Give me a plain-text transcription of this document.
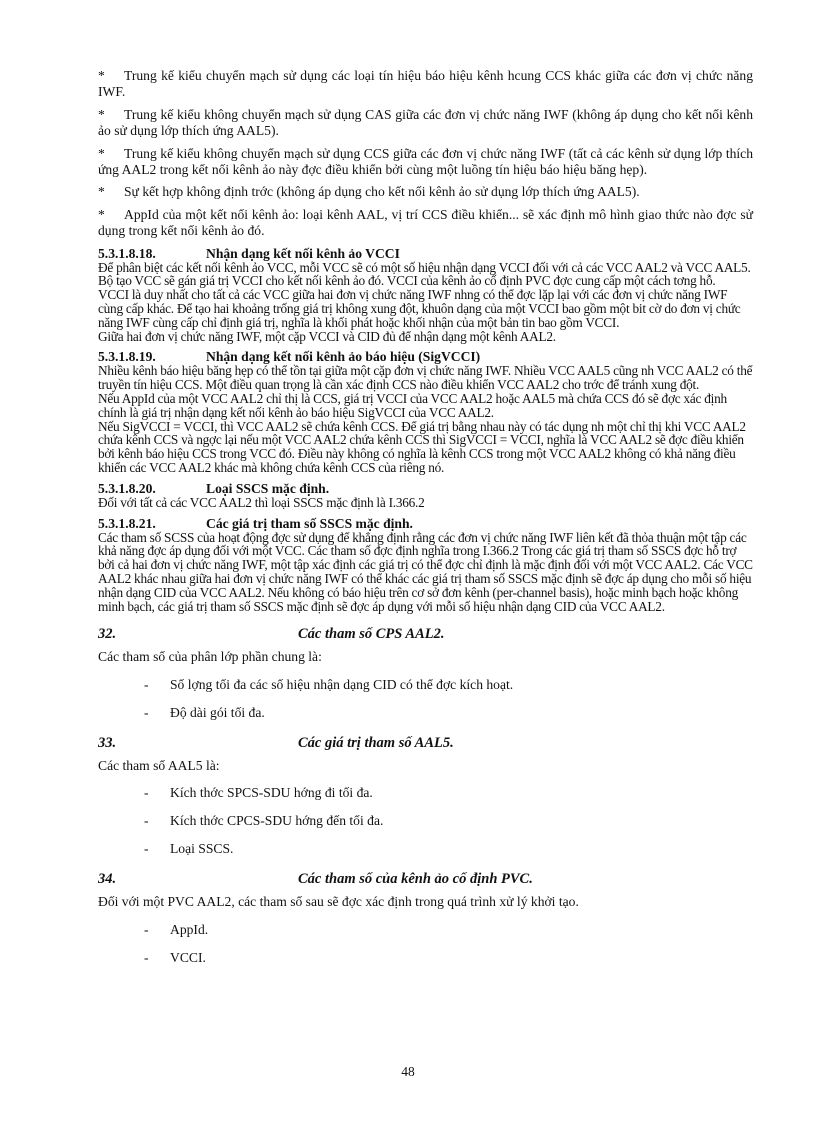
* Trung kế kiểu chuyển mạch sử dụng các loại tín hiệu báo hiệu kênh hcung CCS khác giữa các đơn vị chức năng IWF.

* Trung kế kiểu không chuyển mạch sử dụng CAS giữa các đơn vị chức năng IWF (không áp dụng cho kết nối kênh ảo sử dụng lớp thích ứng AAL5).

* Trung kế kiểu không chuyển mạch sử dụng CCS giữa các đơn vị chức năng IWF (tất cả các kênh sử dụng lớp thích ứng AAL2 trong kết nối kênh ảo này đợc điều khiển bởi cùng một luồng tín hiệu báo hiệu băng hẹp).

* Sự kết hợp không định trớc (không áp dụng cho kết nối kênh ảo sử dụng lớp thích ứng AAL5).

* AppId của một kết nối kênh ảo: loại kênh AAL, vị trí CCS điều khiển... sẽ xác định mô hình giao thức nào đợc sử dụng trong kết nối kênh ảo đó.

5.3.1.8.18.	Nhận dạng kết nối kênh ảo VCCI

Để phân biệt các kết nối kênh ảo VCC, mỗi VCC sẽ có một số hiệu nhận dạng VCCI đối với cả các VCC AAL2 và VCC AAL5. Bộ tạo VCC sẽ gán giá trị VCCI cho kết nối kênh ảo đó. VCCI của kênh ảo cố định PVC đợc cung cấp một cách tơng hỗ.

VCCI là duy nhất cho tất cả các VCC giữa hai đơn vị chức năng IWF nhng có thể đợc lặp lại với các đơn vị chức năng IWF cùng cấp khác. Để tạo hai khoảng trống giá trị không xung đột, khuôn dạng của một VCCI bao gồm một bit cờ do đơn vị chức năng IWF cùng cấp chỉ định giá trị, nghĩa là khối phát hoặc khối nhận của một bản tin bao gồm VCCI.

Giữa hai đơn vị chức năng IWF, một cặp VCCI và CID đủ để nhận dạng một kênh AAL2.

5.3.1.8.19.	Nhận dạng kết nối kênh ảo báo hiệu (SigVCCI)

Nhiều kênh báo hiệu băng hẹp có thể tồn tại giữa một cặp đơn vị chức năng IWF. Nhiều VCC AAL5 cũng nh VCC AAL2 có thể truyền tín hiệu CCS. Một điều quan trọng là cần xác định CCS nào điều khiển VCC AAL2 cho trớc để tránh xung đột.

Nếu AppId của một VCC AAL2 chỉ thị là CCS, giá trị VCCI của VCC AAL2 hoặc AAL5 mà chứa CCS đó sẽ đợc xác định chính là giá trị nhận dạng kết nối kênh ảo báo hiệu SigVCCI của VCC AAL2.

Nếu SigVCCI = VCCI, thì VCC AAL2 sẽ chứa kênh CCS. Để giá trị bằng nhau này có tác dụng nh một chỉ thị khi VCC AAL2 chứa kênh CCS và ngợc lại nếu một VCC AAL2 chứa kênh CCS thì SigVCCI = VCCI, nghĩa là VCC AAL2 sẽ đợc điều khiển bởi kênh báo hiệu CCS trong VCC đó. Điều này không có nghĩa là kênh CCS trong một VCC AAL2 không có khả năng điều khiển các VCC AAL2 khác mà không chứa kênh CCS của riêng nó.

5.3.1.8.20.	Loại SSCS mặc định.

Đối với tất cả các VCC AAL2 thì loại SSCS mặc định là I.366.2

5.3.1.8.21.	Các giá trị tham số SSCS mặc định.

Các tham số SCSS của hoạt động đợc sử dụng để khẳng định rằng các đơn vị chức năng IWF liên kết đã thỏa thuận một tập các khả năng đợc áp dụng đối với một VCC. Các tham số đợc định nghĩa trong I.366.2 Trong các giá trị tham số SSCS đợc hỗ trợ bởi cả hai đơn vị chức năng IWF, một tập xác định các giá trị có thể đợc chỉ định là mặc định đối với một VCC AAL2. Các VCC AAL2 khác nhau giữa hai đơn vị chức năng IWF có thể khác các giá trị tham số SSCS mặc định sẽ đợc áp dụng cho mỗi số hiệu nhận dạng CID của VCC AAL2. Nếu không có báo hiệu trên cơ sở đơn kênh (per-channel basis), hoặc minh bạch hoặc không minh bạch, các giá trị tham số SSCS mặc định sẽ đợc áp dụng với mỗi số hiệu nhận dạng CID của VCC AAL2.

32.	Các tham số CPS AAL2.

Các tham số của phân lớp phần chung là:

- Số lợng tối đa các số hiệu nhận dạng CID có thể đợc kích hoạt.
- Độ dài gói tối đa.

33.	Các giá trị tham số AAL5.

Các tham số AAL5 là:

- Kích thớc SPCS-SDU hớng đi tối đa.
- Kích thớc CPCS-SDU hớng đến tối đa.
- Loại SSCS.

34.	Các tham số của kênh ảo cố định PVC.

Đối với một PVC AAL2, các tham số sau sẽ đợc xác định trong quá trình xử lý khởi tạo.

- AppId.
- VCCI.
48
